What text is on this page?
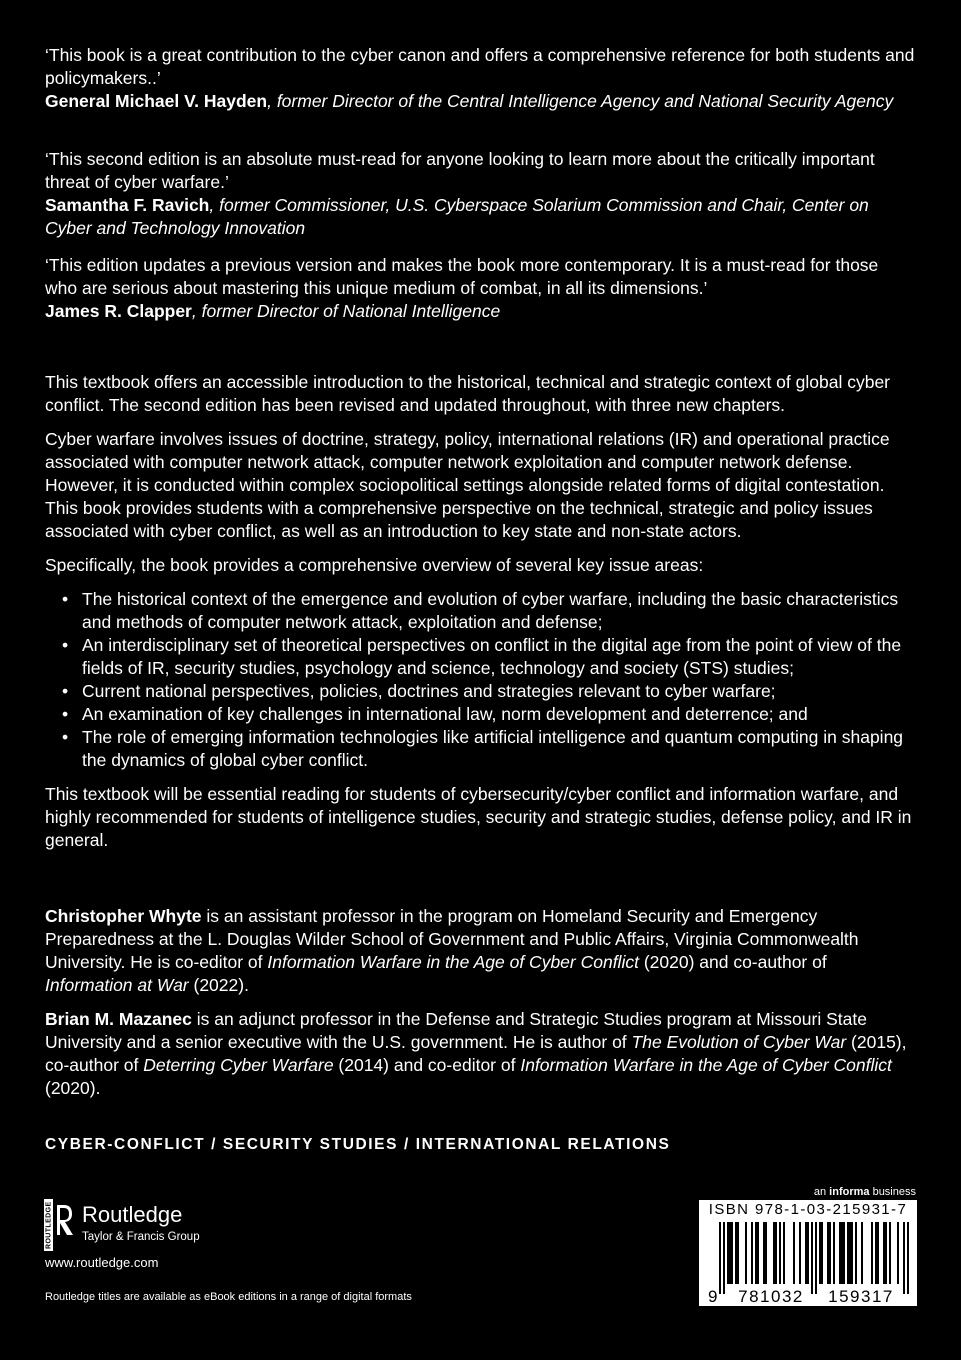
‘This book is a great contribution to the cyber canon and offers a comprehensive reference for both students and policymakers..’

General Michael V. Hayden, former Director of the Central Intelligence Agency and National Security Agency

‘This second edition is an absolute must-read for anyone looking to learn more about the critically important threat of cyber warfare.’

Samantha F. Ravich, former Commissioner, U.S. Cyberspace Solarium Commission and Chair, Center on Cyber and Technology Innovation

‘This edition updates a previous version and makes the book more contemporary. It is a must-read for those who are serious about mastering this unique medium of combat, in all its dimensions.’

James R. Clapper, former Director of National Intelligence

This textbook offers an accessible introduction to the historical, technical and strategic context of global cyber conflict. The second edition has been revised and updated throughout, with three new chapters.

Cyber warfare involves issues of doctrine, strategy, policy, international relations (IR) and operational practice associated with computer network attack, computer network exploitation and computer network defense. However, it is conducted within complex sociopolitical settings alongside related forms of digital contestation. This book provides students with a comprehensive perspective on the technical, strategic and policy issues associated with cyber conflict, as well as an introduction to key state and non-state actors.

Specifically, the book provides a comprehensive overview of several key issue areas:

• The historical context of the emergence and evolution of cyber warfare, including the basic characteristics and methods of computer network attack, exploitation and defense;
• An interdisciplinary set of theoretical perspectives on conflict in the digital age from the point of view of the fields of IR, security studies, psychology and science, technology and society (STS) studies;
• Current national perspectives, policies, doctrines and strategies relevant to cyber warfare;
• An examination of key challenges in international law, norm development and deterrence; and
• The role of emerging information technologies like artificial intelligence and quantum computing in shaping the dynamics of global cyber conflict.

This textbook will be essential reading for students of cybersecurity/cyber conflict and information warfare, and highly recommended for students of intelligence studies, security and strategic studies, defense policy, and IR in general.

Christopher Whyte is an assistant professor in the program on Homeland Security and Emergency Preparedness at the L. Douglas Wilder School of Government and Public Affairs, Virginia Commonwealth University. He is co-editor of Information Warfare in the Age of Cyber Conflict (2020) and co-author of Information at War (2022).

Brian M. Mazanec is an adjunct professor in the Defense and Strategic Studies program at Missouri State University and a senior executive with the U.S. government. He is author of The Evolution of Cyber War (2015), co-author of Deterring Cyber Warfare (2014) and co-editor of Information Warfare in the Age of Cyber Conflict (2020).

CYBER-CONFLICT / SECURITY STUDIES / INTERNATIONAL RELATIONS
ROUTLEDGE Routledge
Taylor & Francis Group
www.routledge.com
Routledge titles are available as eBook editions in a range of digital formats
an informa business
ISBN 978-1-03-215931-7
9 781032 159317
